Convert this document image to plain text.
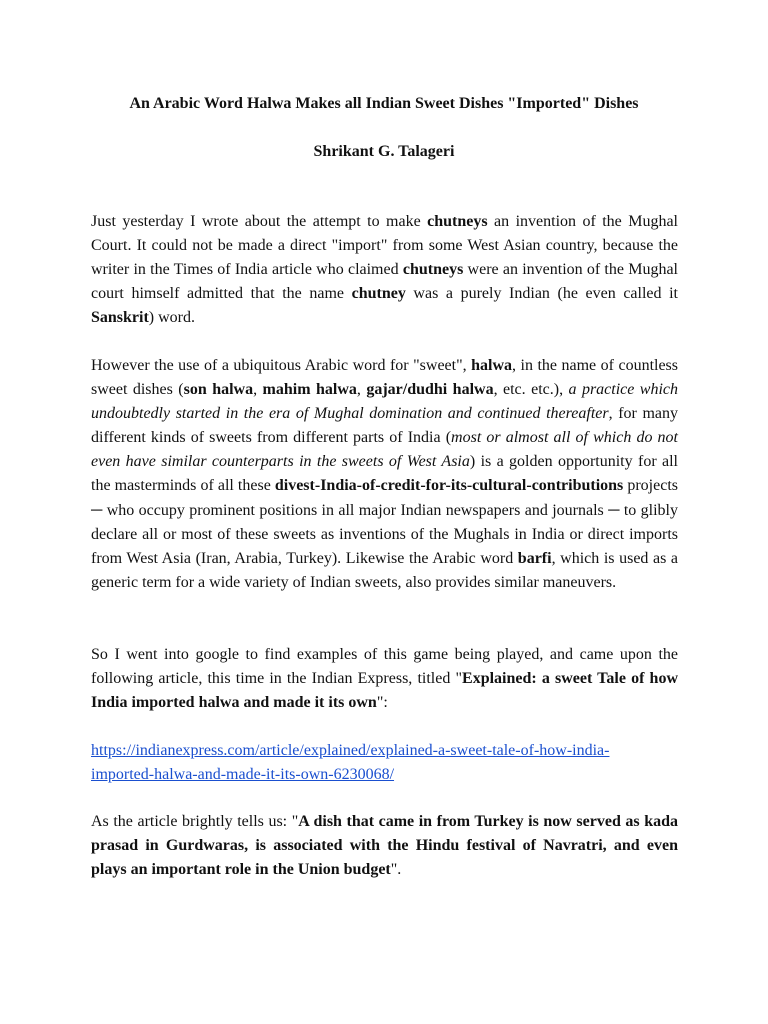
An Arabic Word Halwa Makes all Indian Sweet Dishes "Imported" Dishes

Shrikant G. Talageri

Just yesterday I wrote about the attempt to make chutneys an invention of the Mughal Court. It could not be made a direct "import" from some West Asian country, because the writer in the Times of India article who claimed chutneys were an invention of the Mughal court himself admitted that the name chutney was a purely Indian (he even called it Sanskrit) word.

However the use of a ubiquitous Arabic word for "sweet", halwa, in the name of countless sweet dishes (son halwa, mahim halwa, gajar/dudhi halwa, etc. etc.), a practice which undoubtedly started in the era of Mughal domination and continued thereafter, for many different kinds of sweets from different parts of India (most or almost all of which do not even have similar counterparts in the sweets of West Asia) is a golden opportunity for all the masterminds of all these divest-India-of-credit-for-its-cultural-contributions projects ─ who occupy prominent positions in all major Indian newspapers and journals ─ to glibly declare all or most of these sweets as inventions of the Mughals in India or direct imports from West Asia (Iran, Arabia, Turkey). Likewise the Arabic word barfi, which is used as a generic term for a wide variety of Indian sweets, also provides similar maneuvers.

So I went into google to find examples of this game being played, and came upon the following article, this time in the Indian Express, titled "Explained: a sweet Tale of how India imported halwa and made it its own":

https://indianexpress.com/article/explained/explained-a-sweet-tale-of-how-india-
imported-halwa-and-made-it-its-own-6230068/

As the article brightly tells us: "A dish that came in from Turkey is now served as kada prasad in Gurdwaras, is associated with the Hindu festival of Navratri, and even plays an important role in the Union budget".
